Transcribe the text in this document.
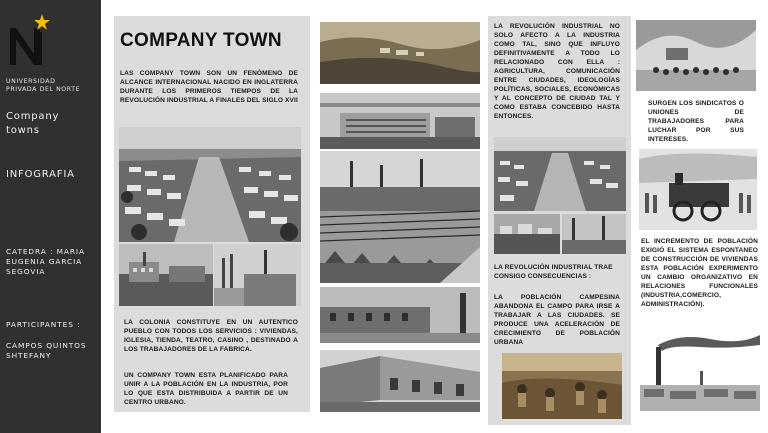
UNIVERSIDAD
PRIVADA DEL NORTE
Company
towns
INFOGRAFIA
CATEDRA : MARIA EUGENIA GARCIA SEGOVIA
PARTICIPANTES :
CAMPOS QUINTOS SHTEFANY
COMPANY TOWN
LAS COMPANY TOWN SON UN FENÓMENO DE ALCANCE INTERNACIONAL NACIDO EN INGLATERRA DURANTE LOS PRIMEROS TIEMPOS DE LA REVOLUCIÓN INDUSTRIAL A FINALES DEL SIGLO XVII
LA COLONIA CONSTITUYE EN UN AUTENTICO PUEBLO CON TODOS LOS SERVICIOS : VIVIENDAS, IGLESIA, TIENDA, TEATRO, CASINO , DESTINADO A LOS TRABAJADORES DE LA FABRICA.
UN COMPANY TOWN ESTA PLANIFICADO PARA UNIR A LA POBLACIÓN EN LA INDUSTRIA, POR LO QUE ESTA DISTRIBUIDA A PARTIR DE UN CENTRO URBANO.
LA REVOLUCIÓN INDUSTRIAL NO SOLO AFECTO A LA INDUSTRIA COMO TAL, SINO QUE INFLUYO DEFINITIVAMENTE A TODO LO RELACIONADO CON ELLA : AGRICULTURA, COMUNICACIÓN ENTRE CIUDADES, IDEOLOGÍAS POLÍTICAS, SOCIALES, ECONÓMICAS Y AL CONCEPTO DE CIUDAD TAL Y COMO ESTABA CONCEBIDO HASTA ENTONCES.
LA REVOLUCIÓN INDUSTRIAL TRAE CONSIGO CONSECUENCIAS :
LA POBLACIÓN CAMPESINA ABANDONA EL CAMPO PARA IRSE A TRABAJAR A LAS CIUDADES. SE PRODUCE UNA ACELERACIÓN DE CRECIMIENTO DE POBLACIÓN URBANA
SURGEN LOS SINDICATOS O UNIONES DE TRABAJADORES PARA LUCHAR POR SUS INTERESES.
EL INCREMENTO DE POBLACIÓN EXIGIÓ EL SISTEMA ESPONTANEO DE CONSTRUCCIÓN DE VIVIENDAS ESTA POBLACIÓN EXPERIMENTO UN CAMBIO ORGANIZATIVO EN RELACIONES FUNCIONALES (INDUSTRIA,COMERCIO, ADMINISTRACIÓN).
